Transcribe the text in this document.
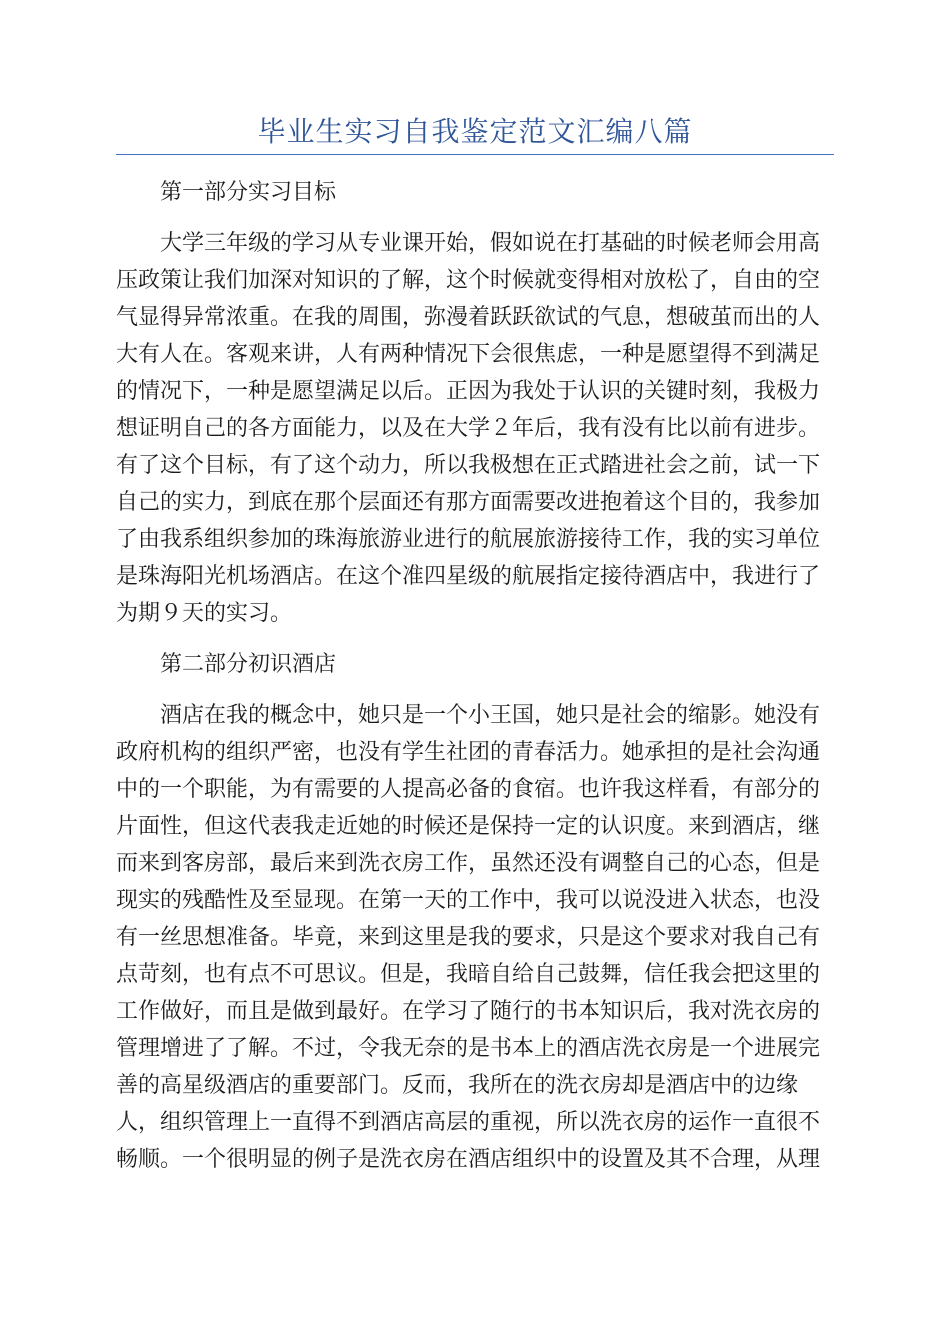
毕业生实习自我鉴定范文汇编八篇

第一部分实习目标

大学三年级的学习从专业课开始，假如说在打基础的时候老师会用高

压政策让我们加深对知识的了解，这个时候就变得相对放松了，自由的空

气显得异常浓重。在我的周围，弥漫着跃跃欲试的气息，想破茧而出的人

大有人在。客观来讲，人有两种情况下会很焦虑，一种是愿望得不到满足

的情况下，一种是愿望满足以后。正因为我处于认识的关键时刻，我极力

想证明自己的各方面能力，以及在大学２年后，我有没有比以前有进步。

有了这个目标，有了这个动力，所以我极想在正式踏进社会之前，试一下

自己的实力，到底在那个层面还有那方面需要改进抱着这个目的，我参加

了由我系组织参加的珠海旅游业进行的航展旅游接待工作，我的实习单位

是珠海阳光机场酒店。在这个准四星级的航展指定接待酒店中，我进行了

为期９天的实习。

第二部分初识酒店

酒店在我的概念中，她只是一个小王国，她只是社会的缩影。她没有

政府机构的组织严密，也没有学生社团的青春活力。她承担的是社会沟通

中的一个职能，为有需要的人提高必备的食宿。也许我这样看，有部分的

片面性，但这代表我走近她的时候还是保持一定的认识度。来到酒店，继

而来到客房部，最后来到洗衣房工作，虽然还没有调整自己的心态，但是

现实的残酷性及至显现。在第一天的工作中，我可以说没进入状态，也没

有一丝思想准备。毕竟，来到这里是我的要求，只是这个要求对我自己有

点苛刻，也有点不可思议。但是，我暗自给自己鼓舞，信任我会把这里的

工作做好，而且是做到最好。在学习了随行的书本知识后，我对洗衣房的

管理增进了了解。不过，令我无奈的是书本上的酒店洗衣房是一个进展完

善的高星级酒店的重要部门。反而，我所在的洗衣房却是酒店中的边缘

人，组织管理上一直得不到酒店高层的重视，所以洗衣房的运作一直很不

畅顺。一个很明显的例子是洗衣房在酒店组织中的设置及其不合理，从理
